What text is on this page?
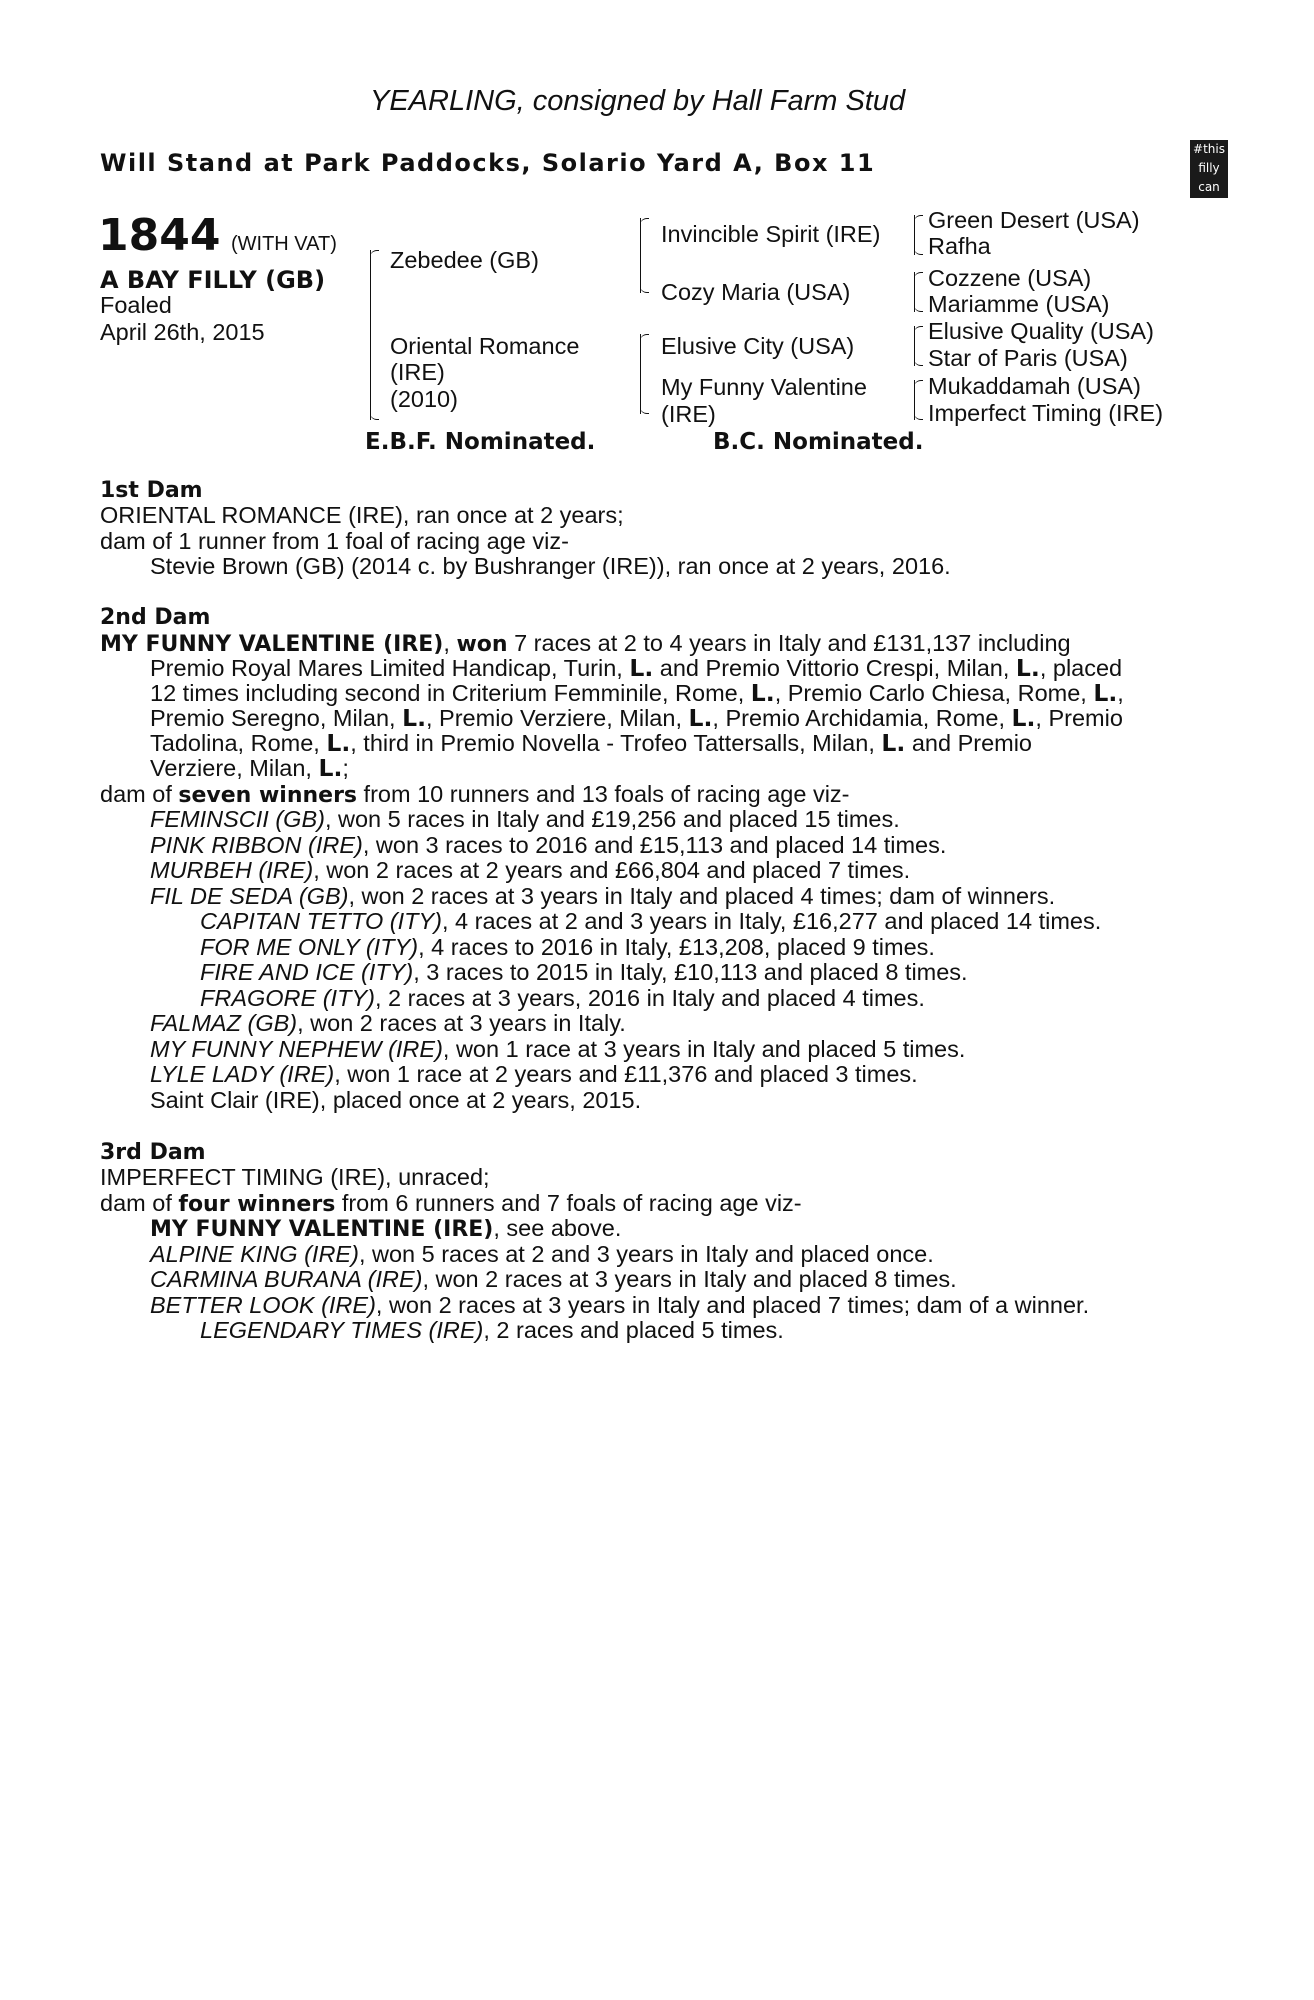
YEARLING, consigned by Hall Farm Stud
Will Stand at Park Paddocks, Solario Yard A, Box 11	#this
filly
can
1844 (WITH VAT)
A BAY FILLY (GB)
Foaled
April 26th, 2015
Zebedee (GB)
Oriental Romance
(IRE)
(2010)
Invincible Spirit (IRE)
Cozy Maria (USA)
Elusive City (USA)
My Funny Valentine
(IRE)
Green Desert (USA)
Rafha
Cozzene (USA)
Mariamme (USA)
Elusive Quality (USA)
Star of Paris (USA)
Mukaddamah (USA)
Imperfect Timing (IRE)
E.B.F. Nominated.	B.C. Nominated.
1st Dam
ORIENTAL ROMANCE (IRE), ran once at 2 years;
dam of 1 runner from 1 foal of racing age viz-
Stevie Brown (GB) (2014 c. by Bushranger (IRE)), ran once at 2 years, 2016.
2nd Dam
MY FUNNY VALENTINE (IRE), won 7 races at 2 to 4 years in Italy and £131,137 including
Premio Royal Mares Limited Handicap, Turin, L. and Premio Vittorio Crespi, Milan, L., placed
12 times including second in Criterium Femminile, Rome, L., Premio Carlo Chiesa, Rome, L.,
Premio Seregno, Milan, L., Premio Verziere, Milan, L., Premio Archidamia, Rome, L., Premio
Tadolina, Rome, L., third in Premio Novella - Trofeo Tattersalls, Milan, L. and Premio
Verziere, Milan, L.;
dam of seven winners from 10 runners and 13 foals of racing age viz-
FEMINSCII (GB), won 5 races in Italy and £19,256 and placed 15 times.
PINK RIBBON (IRE), won 3 races to 2016 and £15,113 and placed 14 times.
MURBEH (IRE), won 2 races at 2 years and £66,804 and placed 7 times.
FIL DE SEDA (GB), won 2 races at 3 years in Italy and placed 4 times; dam of winners.
CAPITAN TETTO (ITY), 4 races at 2 and 3 years in Italy, £16,277 and placed 14 times.
FOR ME ONLY (ITY), 4 races to 2016 in Italy, £13,208, placed 9 times.
FIRE AND ICE (ITY), 3 races to 2015 in Italy, £10,113 and placed 8 times.
FRAGORE (ITY), 2 races at 3 years, 2016 in Italy and placed 4 times.
FALMAZ (GB), won 2 races at 3 years in Italy.
MY FUNNY NEPHEW (IRE), won 1 race at 3 years in Italy and placed 5 times.
LYLE LADY (IRE), won 1 race at 2 years and £11,376 and placed 3 times.
Saint Clair (IRE), placed once at 2 years, 2015.
3rd Dam
IMPERFECT TIMING (IRE), unraced;
dam of four winners from 6 runners and 7 foals of racing age viz-
MY FUNNY VALENTINE (IRE), see above.
ALPINE KING (IRE), won 5 races at 2 and 3 years in Italy and placed once.
CARMINA BURANA (IRE), won 2 races at 3 years in Italy and placed 8 times.
BETTER LOOK (IRE), won 2 races at 3 years in Italy and placed 7 times; dam of a winner.
LEGENDARY TIMES (IRE), 2 races and placed 5 times.
